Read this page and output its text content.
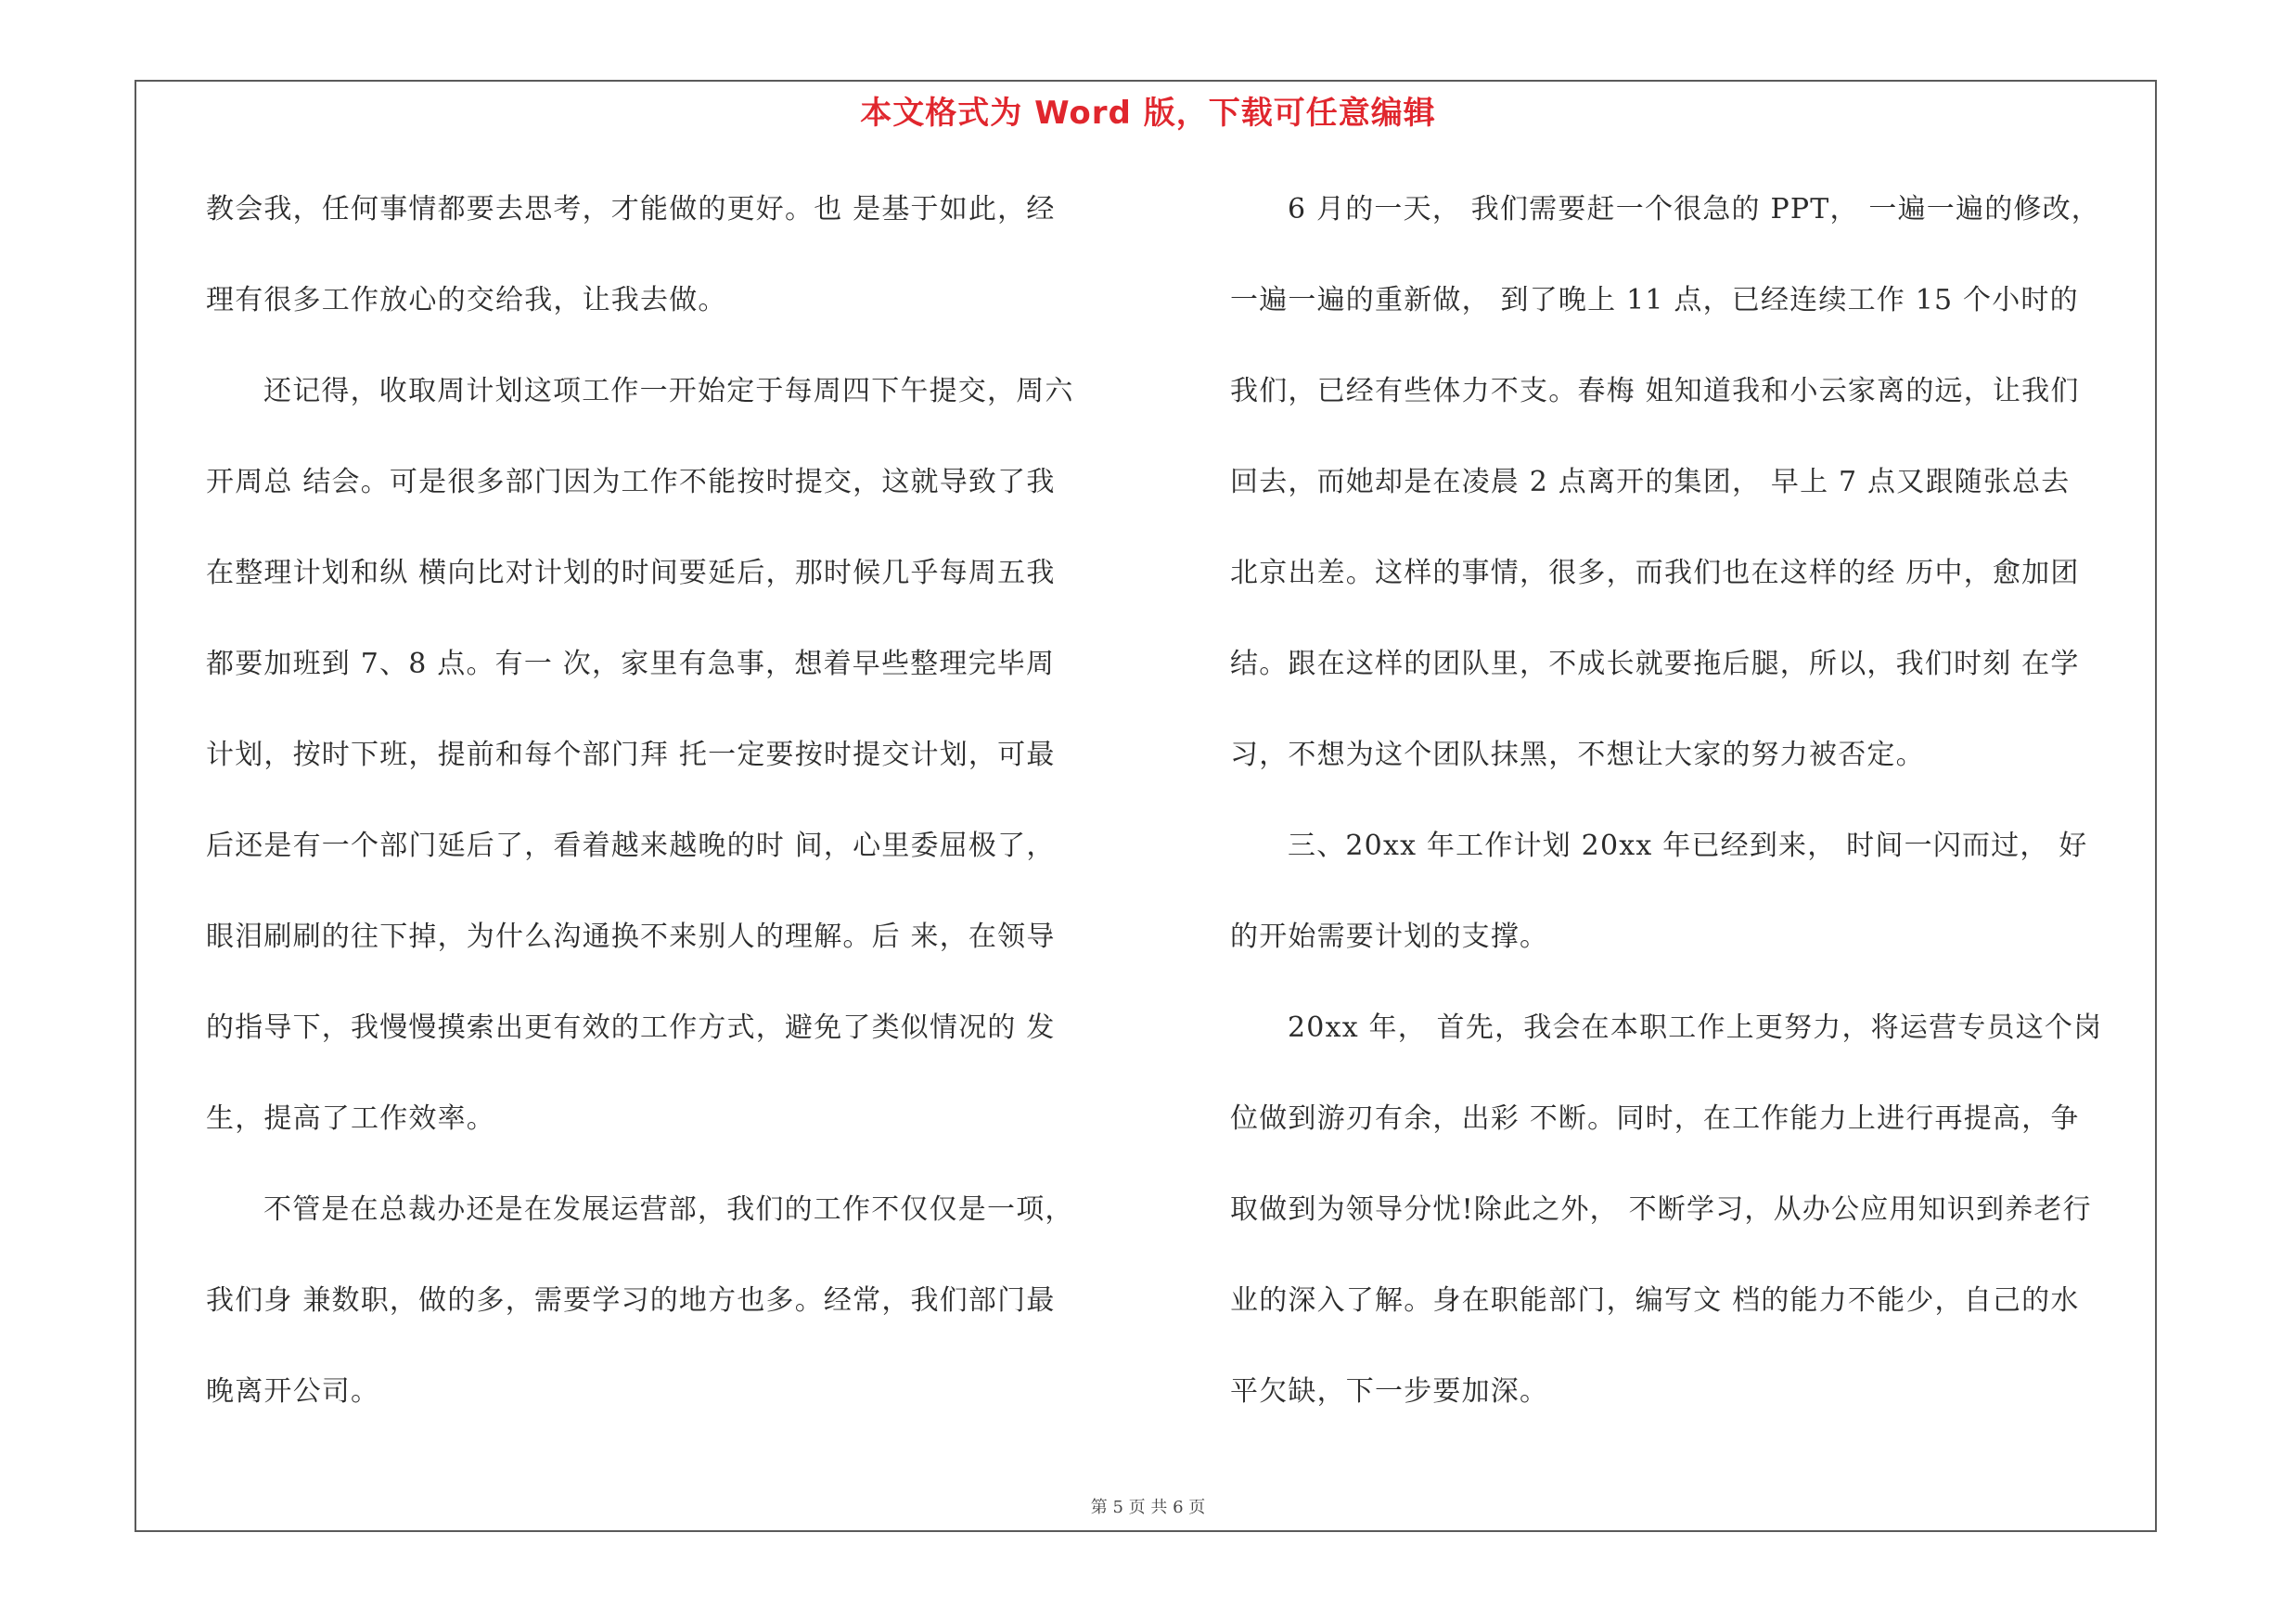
本文格式为 Word 版，下载可任意编辑
教会我，任何事情都要去思考，才能做的更好。也 是基于如此，经
理有很多工作放心的交给我，让我去做。
还记得，收取周计划这项工作一开始定于每周四下午提交，周六
开周总 结会。可是很多部门因为工作不能按时提交，这就导致了我
在整理计划和纵 横向比对计划的时间要延后，那时候几乎每周五我
都要加班到 7、8 点。有一 次，家里有急事，想着早些整理完毕周
计划，按时下班，提前和每个部门拜 托一定要按时提交计划，可最
后还是有一个部门延后了，看着越来越晚的时 间，心里委屈极了，
眼泪刷刷的往下掉，为什么沟通换不来别人的理解。后 来，在领导
的指导下，我慢慢摸索出更有效的工作方式，避免了类似情况的 发
生，提高了工作效率。
不管是在总裁办还是在发展运营部，我们的工作不仅仅是一项，
我们身 兼数职，做的多，需要学习的地方也多。经常，我们部门最
晚离开公司。
6 月的一天， 我们需要赶一个很急的 PPT， 一遍一遍的修改，
一遍一遍的重新做， 到了晚上 11 点，已经连续工作 15 个小时的
我们，已经有些体力不支。春梅 姐知道我和小云家离的远，让我们
回去，而她却是在凌晨 2 点离开的集团， 早上 7 点又跟随张总去
北京出差。这样的事情，很多，而我们也在这样的经 历中，愈加团
结。跟在这样的团队里，不成长就要拖后腿，所以，我们时刻 在学
习，不想为这个团队抹黑，不想让大家的努力被否定。
三、20xx 年工作计划 20xx 年已经到来， 时间一闪而过， 好
的开始需要计划的支撑。
20xx 年， 首先，我会在本职工作上更努力，将运营专员这个岗
位做到游刃有余，出彩 不断。同时，在工作能力上进行再提高，争
取做到为领导分忧!除此之外， 不断学习，从办公应用知识到养老行
业的深入了解。身在职能部门，编写文 档的能力不能少，自己的水
平欠缺，下一步要加深。
第 5 页 共 6 页
